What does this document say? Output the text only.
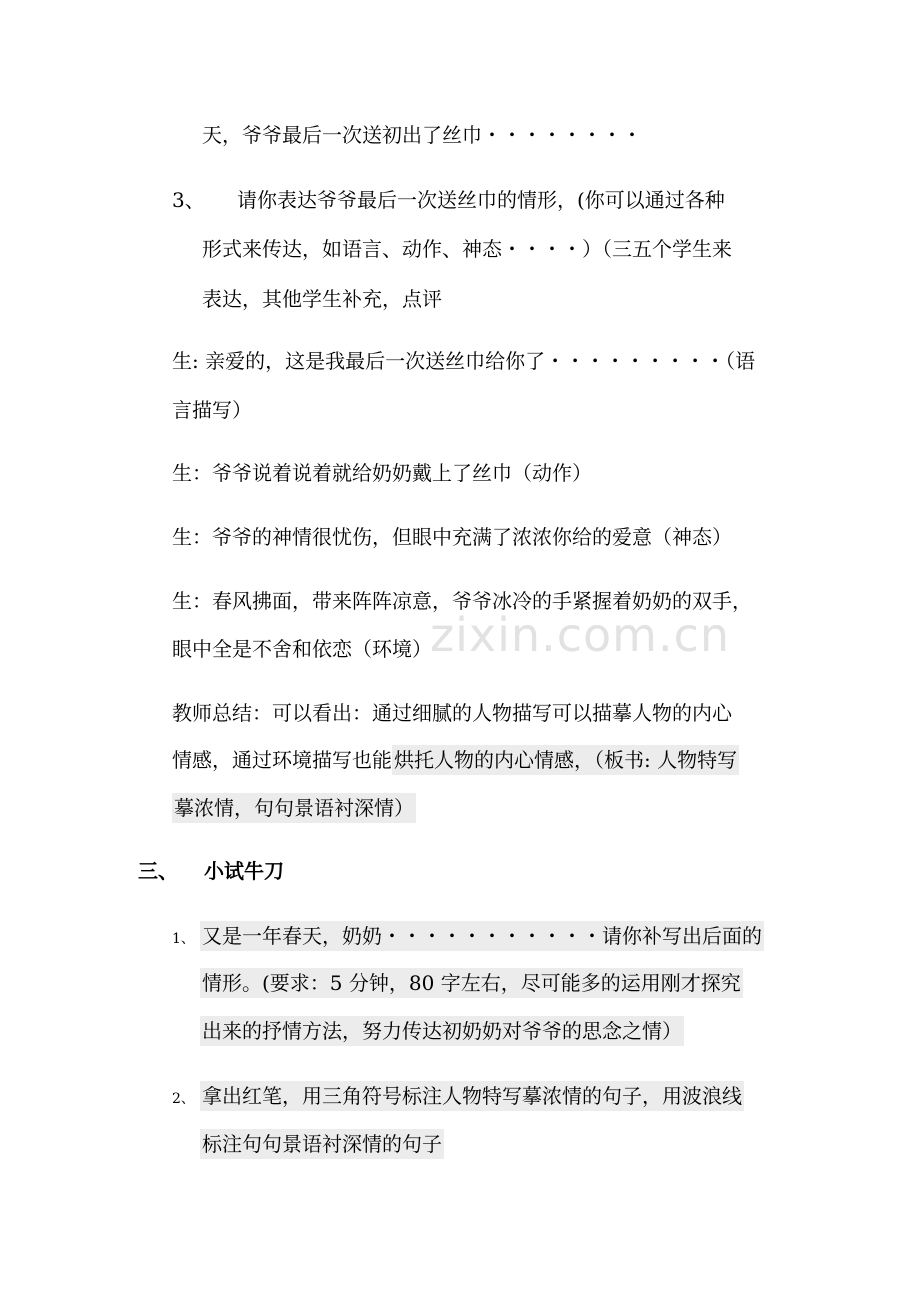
zixin.com.cn
天，爷爷最后一次送初出了丝巾・・・・・・・・
3、 请你表达爷爷最后一次送丝巾的情形，(你可以通过各种
形式来传达，如语言、动作、神态・・・・）（三五个学生来
表达，其他学生补充，点评
生: 亲爱的，这是我最后一次送丝巾给你了・・・・・・・・・（语
言描写）
生：爷爷说着说着就给奶奶戴上了丝巾（动作）
生：爷爷的神情很忧伤，但眼中充满了浓浓你给的爱意（神态）
生：春风拂面，带来阵阵凉意，爷爷冰冷的手紧握着奶奶的双手，
眼中全是不舍和依恋（环境）
教师总结：可以看出：通过细腻的人物描写可以描摹人物的内心
情感，通过环境描写也能 烘托人物的内心情感，（板书: 人物特写
摹浓情，句句景语衬深情）
三、 小试牛刀
1、 又是一年春天，奶奶・・・・・・・・・・・请你补写出后面的
情形。(要求：5 分钟，80 字左右，尽可能多的运用刚才探究
出来的抒情方法，努力传达初奶奶对爷爷的思念之情）
2、 拿出红笔，用三角符号标注人物特写摹浓情的句子，用波浪线
标注句句景语衬深情的句子
